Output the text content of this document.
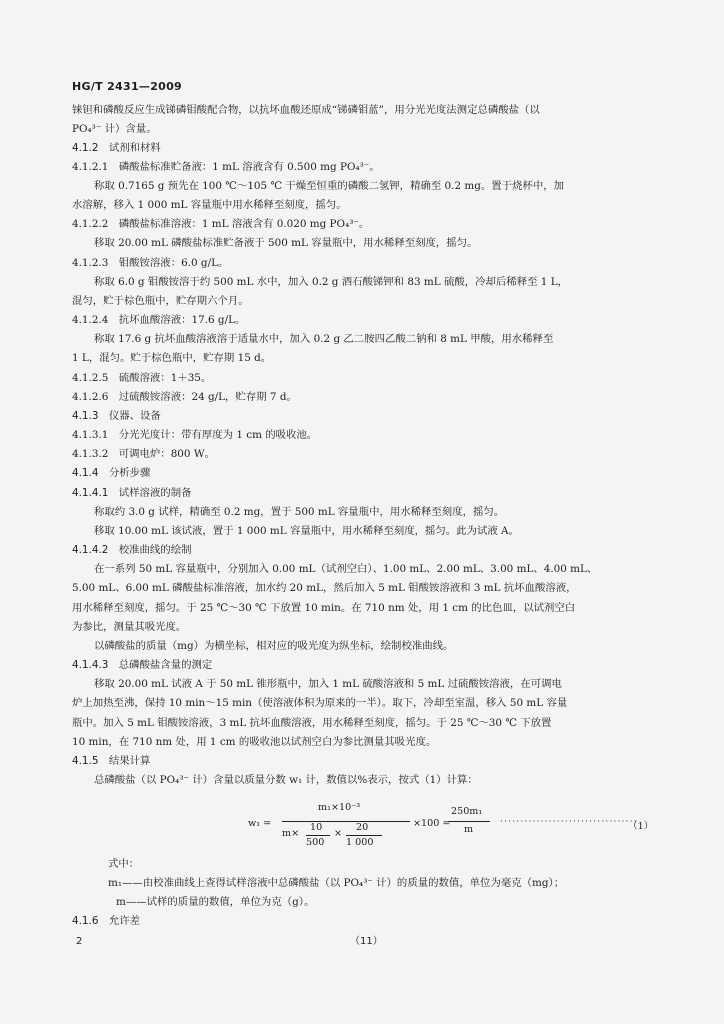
HG/T 2431—2009
铼钽和磷酸反应生成锑磷钼酸配合物，以抗坏血酸还原成“锑磷钼蓝”，用分光光度法测定总磷酸盐（以
PO₄³⁻ 计）含量。
4.1.2　试剂和材料
4.1.2.1　磷酸盐标准贮备液：1 mL 溶液含有 0.500 mg PO₄³⁻。
称取 0.7165 g 预先在 100 ℃～105 ℃ 干燥至恒重的磷酸二氢钾，精确至 0.2 mg。置于烧杯中，加
水溶解，移入 1 000 mL 容量瓶中用水稀释至刻度，摇匀。
4.1.2.2　磷酸盐标准溶液：1 mL 溶液含有 0.020 mg PO₄³⁻。
移取 20.00 mL 磷酸盐标准贮备液于 500 mL 容量瓶中，用水稀释至刻度，摇匀。
4.1.2.3　钼酸铵溶液：6.0 g/L。
称取 6.0 g 钼酸铵溶于约 500 mL 水中，加入 0.2 g 酒石酸锑钾和 83 mL 硫酸，冷却后稀释至 1 L，
混匀，贮于棕色瓶中，贮存期六个月。
4.1.2.4　抗坏血酸溶液：17.6 g/L。
称取 17.6 g 抗坏血酸溶液溶于适量水中，加入 0.2 g 乙二胺四乙酸二钠和 8 mL 甲酸，用水稀释至
1 L，混匀。贮于棕色瓶中，贮存期 15 d。
4.1.2.5　硫酸溶液：1＋35。
4.1.2.6　过硫酸铵溶液：24 g/L，贮存期 7 d。
4.1.3　仪器、设备
4.1.3.1　分光光度计：带有厚度为 1 cm 的吸收池。
4.1.3.2　可调电炉：800 W。
4.1.4　分析步骤
4.1.4.1　试样溶液的制备
称取约 3.0 g 试样，精确至 0.2 mg，置于 500 mL 容量瓶中，用水稀释至刻度，摇匀。
移取 10.00 mL 该试液，置于 1 000 mL 容量瓶中，用水稀释至刻度，摇匀。此为试液 A。
4.1.4.2　校准曲线的绘制
在一系列 50 mL 容量瓶中，分别加入 0.00 mL（试剂空白）、1.00 mL、2.00 mL、3.00 mL、4.00 mL、
5.00 mL、6.00 mL 磷酸盐标准溶液，加水约 20 mL，然后加入 5 mL 钼酸铵溶液和 3 mL 抗坏血酸溶液，
用水稀释至刻度，摇匀。于 25 ℃～30 ℃ 下放置 10 min。在 710 nm 处，用 1 cm 的比色皿，以试剂空白
为参比，测量其吸光度。
以磷酸盐的质量（mg）为横坐标，相对应的吸光度为纵坐标，绘制校准曲线。
4.1.4.3　总磷酸盐含量的测定
移取 20.00 mL 试液 A 于 50 mL 锥形瓶中，加入 1 mL 硫酸溶液和 5 mL 过硫酸铵溶液，在可调电
炉上加热至沸，保持 10 min～15 min（使溶液体积为原来的一半）。取下，冷却至室温，移入 50 mL 容量
瓶中。加入 5 mL 钼酸铵溶液，3 mL 抗坏血酸溶液，用水稀释至刻度，摇匀。于 25 ℃～30 ℃ 下放置
10 min，在 710 nm 处，用 1 cm 的吸收池以试剂空白为参比测量其吸光度。
4.1.5　结果计算
总磷酸盐（以 PO₄³⁻ 计）含量以质量分数 w₁ 计，数值以%表示，按式（1）计算：
w₁ =
m₁×10⁻³
m×
10
500
×
20
1 000
×100 =
250m₁
m
··································
（1）
式中：
m₁——由校准曲线上查得试样溶液中总磷酸盐（以 PO₄³⁻ 计）的质量的数值，单位为毫克（mg）；
m——试样的质量的数值，单位为克（g）。
4.1.6　允许差
2	（11）
